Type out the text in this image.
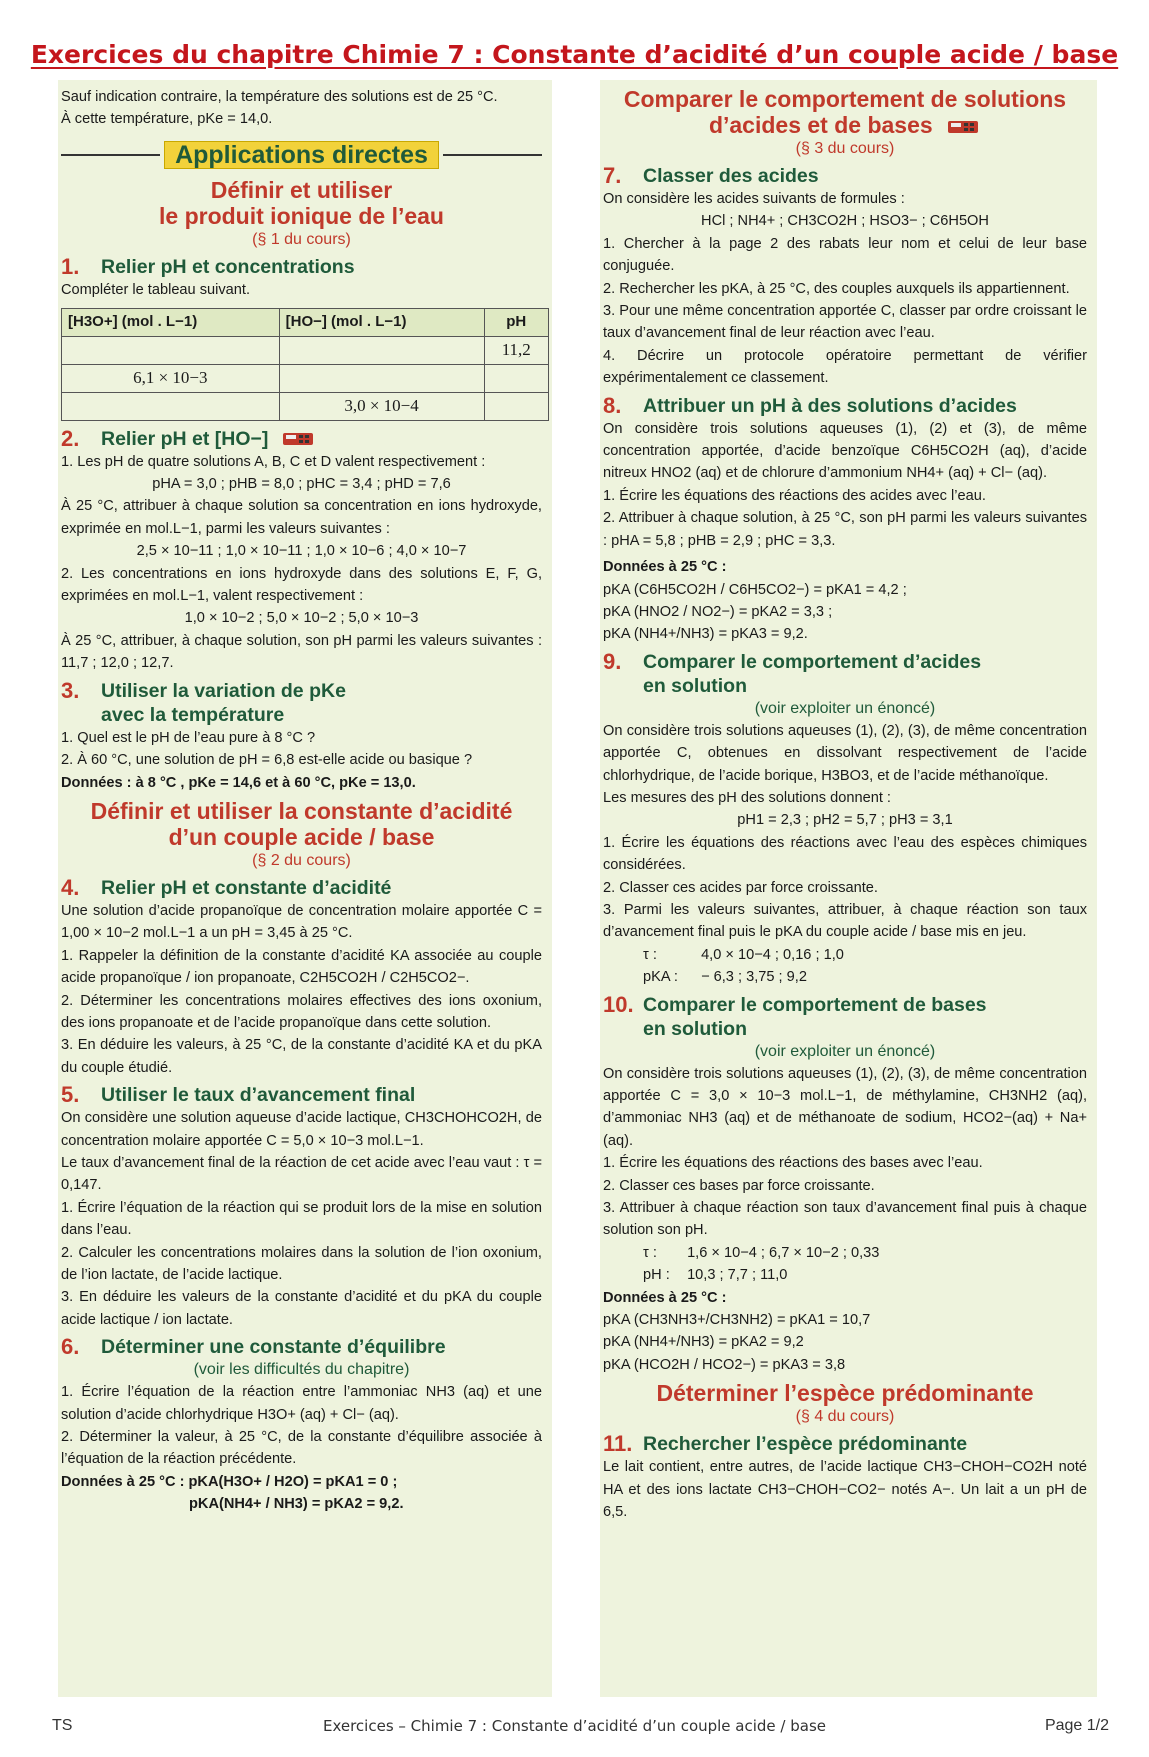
Exercices du chapitre Chimie 7 : Constante d’acidité d’un couple acide / base

Sauf indication contraire, la température des solutions est de 25 °C.

À cette température, pKe = 14,0.

Applications directes
Définir et utiliser
le produit ionique de l’eau
(§ 1 du cours)
1.	Relier pH et concentrations

Compléter le tableau suivant.

[H3O+] (mol . L−1)	[HO−] (mol . L−1)	pH
		11,2
6,1 × 10−3		
	3,0 × 10−4	
2.	Relier pH et [HO−]

1. Les pH de quatre solutions A, B, C et D valent respectivement :

pHA = 3,0 ; pHB = 8,0 ; pHC = 3,4 ; pHD = 7,6

À 25 °C, attribuer à chaque solution sa concentration en ions hydroxyde, exprimée en mol.L−1, parmi les valeurs suivantes :

2,5 × 10−11 ; 1,0 × 10−11 ; 1,0 × 10−6 ; 4,0 × 10−7

2. Les concentrations en ions hydroxyde dans des solutions E, F, G, exprimées en mol.L−1, valent respectivement :

1,0 × 10−2 ; 5,0 × 10−2 ; 5,0 × 10−3

À 25 °C, attribuer, à chaque solution, son pH parmi les valeurs suivantes : 11,7 ; 12,0 ; 12,7.

3.	Utiliser la variation de pKe
avec la température

1. Quel est le pH de l’eau pure à 8 °C ?

2. À 60 °C, une solution de pH = 6,8 est-elle acide ou basique ?

Données : à 8 °C , pKe = 14,6 et à 60 °C, pKe = 13,0.

Définir et utiliser la constante d’acidité
d’un couple acide / base
(§ 2 du cours)
4.	Relier pH et constante d’acidité

Une solution d’acide propanoïque de concentration molaire apportée C = 1,00 × 10−2 mol.L−1 a un pH = 3,45 à 25 °C.

1. Rappeler la définition de la constante d’acidité KA associée au couple acide propanoïque / ion propanoate, C2H5CO2H / C2H5CO2−.

2. Déterminer les concentrations molaires effectives des ions oxonium, des ions propanoate et de l’acide propanoïque dans cette solution.

3. En déduire les valeurs, à 25 °C, de la constante d’acidité KA et du pKA du couple étudié.

5.	Utiliser le taux d’avancement final

On considère une solution aqueuse d’acide lactique, CH3CHOHCO2H, de concentration molaire apportée C = 5,0 × 10−3 mol.L−1.

Le taux d’avancement final de la réaction de cet acide avec l’eau vaut : τ = 0,147.

1. Écrire l’équation de la réaction qui se produit lors de la mise en solution dans l’eau.

2. Calculer les concentrations molaires dans la solution de l’ion oxonium, de l’ion lactate, de l’acide lactique.

3. En déduire les valeurs de la constante d’acidité et du pKA du couple acide lactique / ion lactate.

6.	Déterminer une constante d’équilibre
(voir les difficultés du chapitre)

1. Écrire l’équation de la réaction entre l’ammoniac NH3 (aq) et une solution d’acide chlorhydrique H3O+ (aq) + Cl− (aq).

2. Déterminer la valeur, à 25 °C, de la constante d’équilibre associée à l’équation de la réaction précédente.

Données à 25 °C : pKA(H3O+ / H2O) = pKA1 = 0 ;

pKA(NH4+ / NH3) = pKA2 = 9,2.

Comparer le comportement de solutions
d’acides et de bases
(§ 3 du cours)
7.	Classer des acides

On considère les acides suivants de formules :

HCl ; NH4+ ; CH3CO2H ; HSO3− ; C6H5OH

1. Chercher à la page 2 des rabats leur nom et celui de leur base conjuguée.

2. Rechercher les pKA, à 25 °C, des couples auxquels ils appartiennent.

3. Pour une même concentration apportée C, classer par ordre croissant le taux d’avancement final de leur réaction avec l’eau.

4. Décrire un protocole opératoire permettant de vérifier expérimentalement ce classement.

8.	Attribuer un pH à des solutions d’acides

On considère trois solutions aqueuses (1), (2) et (3), de même concentration apportée, d’acide benzoïque C6H5CO2H (aq), d’acide nitreux HNO2 (aq) et de chlorure d’ammonium NH4+ (aq) + Cl− (aq).

1. Écrire les équations des réactions des acides avec l’eau.

2. Attribuer à chaque solution, à 25 °C, son pH parmi les valeurs suivantes : pHA = 5,8 ; pHB = 2,9 ; pHC = 3,3.

Données à 25 °C :

pKA (C6H5CO2H / C6H5CO2−) = pKA1 = 4,2 ;

pKA (HNO2 / NO2−) = pKA2 = 3,3 ;

pKA (NH4+/NH3) = pKA3 = 9,2.

9.	Comparer le comportement d’acides
en solution
(voir exploiter un énoncé)

On considère trois solutions aqueuses (1), (2), (3), de même concentration apportée C, obtenues en dissolvant respectivement de l’acide chlorhydrique, de l’acide borique, H3BO3, et de l’acide méthanoïque.

Les mesures des pH des solutions donnent :

pH1 = 2,3 ; pH2 = 5,7 ; pH3 = 3,1

1. Écrire les équations des réactions avec l’eau des espèces chimiques considérées.

2. Classer ces acides par force croissante.

3. Parmi les valeurs suivantes, attribuer, à chaque réaction son taux d’avancement final puis le pKA du couple acide / base mis en jeu.

τ :	4,0 × 10−4 ; 0,16 ; 1,0

pKA : − 6,3 ; 3,75 ; 9,2

10. Comparer le comportement de bases
en solution
(voir exploiter un énoncé)

On considère trois solutions aqueuses (1), (2), (3), de même concentration apportée C = 3,0 × 10−3 mol.L−1, de méthylamine, CH3NH2 (aq), d’ammoniac NH3 (aq) et de méthanoate de sodium, HCO2−(aq) + Na+ (aq).

1. Écrire les équations des réactions des bases avec l’eau.

2. Classer ces bases par force croissante.

3. Attribuer à chaque réaction son taux d’avancement final puis à chaque solution son pH.

τ : 1,6 × 10−4 ; 6,7 × 10−2 ; 0,33

pH : 10,3 ; 7,7 ; 11,0

Données à 25 °C :

pKA (CH3NH3+/CH3NH2) = pKA1 = 10,7

pKA (NH4+/NH3) = pKA2 = 9,2

pKA (HCO2H / HCO2−) = pKA3 = 3,8

Déterminer l’espèce prédominante
(§ 4 du cours)
11. Rechercher l’espèce prédominante

Le lait contient, entre autres, de l’acide lactique CH3−CHOH−CO2H noté HA et des ions lactate CH3−CHOH−CO2− notés A−. Un lait a un pH de 6,5.

TS	Exercices – Chimie 7 : Constante d’acidité d’un couple acide / base	Page 1/2
